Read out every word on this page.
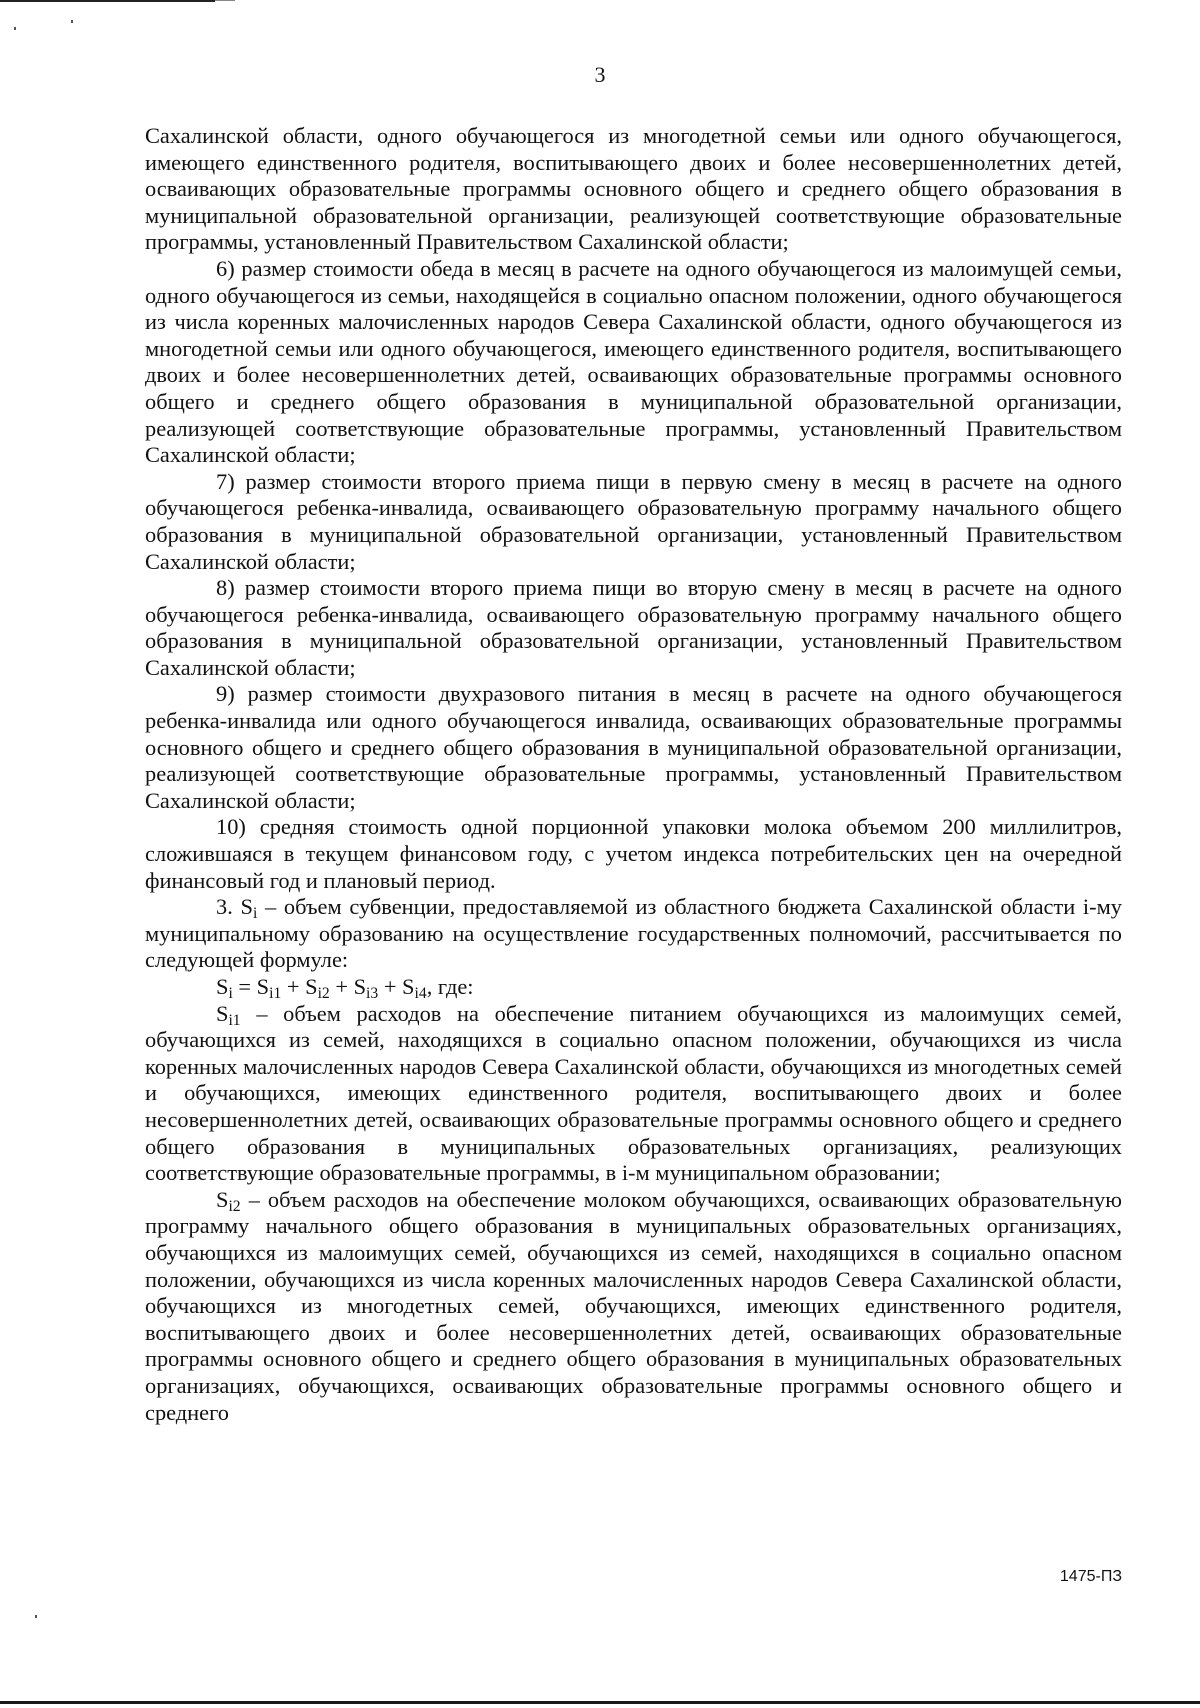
3

Сахалинской области, одного обучающегося из многодетной семьи или одного обучающегося, имеющего единственного родителя, воспитывающего двоих и более несовершеннолетних детей, осваивающих образовательные программы основного общего и среднего общего образования в муниципальной образовательной организации, реализующей соответствующие образовательные программы, установленный Правительством Сахалинской области;

6) размер стоимости обеда в месяц в расчете на одного обучающегося из малоимущей семьи, одного обучающегося из семьи, находящейся в социально опасном положении, одного обучающегося из числа коренных малочисленных народов Севера Сахалинской области, одного обучающегося из многодетной семьи или одного обучающегося, имеющего единственного родителя, воспитывающего двоих и более несовершеннолетних детей, осваивающих образовательные программы основного общего и среднего общего образования в муниципальной образовательной организации, реализующей соответствующие образовательные программы, установленный Правительством Сахалинской области;

7) размер стоимости второго приема пищи в первую смену в месяц в расчете на одного обучающегося ребенка-инвалида, осваивающего образовательную программу начального общего образования в муниципальной образовательной организации, установленный Правительством Сахалинской области;

8) размер стоимости второго приема пищи во вторую смену в месяц в расчете на одного обучающегося ребенка-инвалида, осваивающего образовательную программу начального общего образования в муниципальной образовательной организации, установленный Правительством Сахалинской области;

9) размер стоимости двухразового питания в месяц в расчете на одного обучающегося ребенка-инвалида или одного обучающегося инвалида, осваивающих образовательные программы основного общего и среднего общего образования в муниципальной образовательной организации, реализующей соответствующие образовательные программы, установленный Правительством Сахалинской области;

10) средняя стоимость одной порционной упаковки молока объемом 200 миллилитров, сложившаяся в текущем финансовом году, с учетом индекса потребительских цен на очередной финансовый год и плановый период.

3. $S_i$ – объем субвенции, предоставляемой из областного бюджета Сахалинской области i-му муниципальному образованию на осуществление государственных полномочий, рассчитывается по следующей формуле:

$S_i = S_{i1} + S_{i2} + S_{i3} + S_{i4}$, где:

$S_{i1}$ – объем расходов на обеспечение питанием обучающихся из малоимущих семей, обучающихся из семей, находящихся в социально опасном положении, обучающихся из числа коренных малочисленных народов Севера Сахалинской области, обучающихся из многодетных семей и обучающихся, имеющих единственного родителя, воспитывающего двоих и более несовершеннолетних детей, осваивающих образовательные программы основного общего и среднего общего образования в муниципальных образовательных организациях, реализующих соответствующие образовательные программы, в i-м муниципальном образовании;

$S_{i2}$ – объем расходов на обеспечение молоком обучающихся, осваивающих образовательную программу начального общего образования в муниципальных образовательных организациях, обучающихся из малоимущих семей, обучающихся из семей, находящихся в социально опасном положении, обучающихся из числа коренных малочисленных народов Севера Сахалинской области, обучающихся из многодетных семей, обучающихся, имеющих единственного родителя, воспитывающего двоих и более несовершеннолетних детей, осваивающих образовательные программы основного общего и среднего общего образования в муниципальных образовательных организациях, обучающихся, осваивающих образовательные программы основного общего и среднего

1475-ПЗ
